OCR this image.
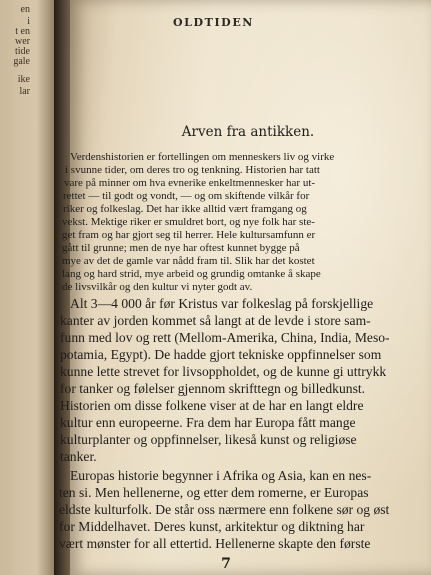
en

i

t en

wer

tide

gale

ike

lar

OLDTIDEN

Arven fra antikken.

Verdenshistorien er fortellingen om menneskers liv og virke

i svunne tider, om deres tro og tenkning. Historien har tatt

vare på minner om hva evnerike enkeltmennesker har ut-

rettet — til godt og vondt, — og om skiftende vilkår for

riker og folkeslag. Det har ikke alltid vært framgang og

vekst. Mektige riker er smuldret bort, og nye folk har ste-

get fram og har gjort seg til herrer. Hele kultursamfunn er

gått til grunne; men de nye har oftest kunnet bygge på

mye av det de gamle var nådd fram til. Slik har det kostet

lang og hard strid, mye arbeid og grundig omtanke å skape

de livsvilkår og den kultur vi nyter godt av.

Alt 3—4 000 år før Kristus var folkeslag på forskjellige

kanter av jorden kommet så langt at de levde i store sam-

funn med lov og rett (Mellom-Amerika, China, India, Meso-

potamia, Egypt). De hadde gjort tekniske oppfinnelser som

kunne lette strevet for livsoppholdet, og de kunne gi uttrykk

for tanker og følelser gjennom skrifttegn og billedkunst.

Historien om disse folkene viser at de har en langt eldre

kultur enn europeerne. Fra dem har Europa fått mange

kulturplanter og oppfinnelser, likeså kunst og religiøse

tanker.

Europas historie begynner i Afrika og Asia, kan en nes-

ten si. Men hellenerne, og etter dem romerne, er Europas

eldste kulturfolk. De står oss nærmere enn folkene sør og øst

for Middelhavet. Deres kunst, arkitektur og diktning har

vært mønster for all ettertid. Hellenerne skapte den første

7
